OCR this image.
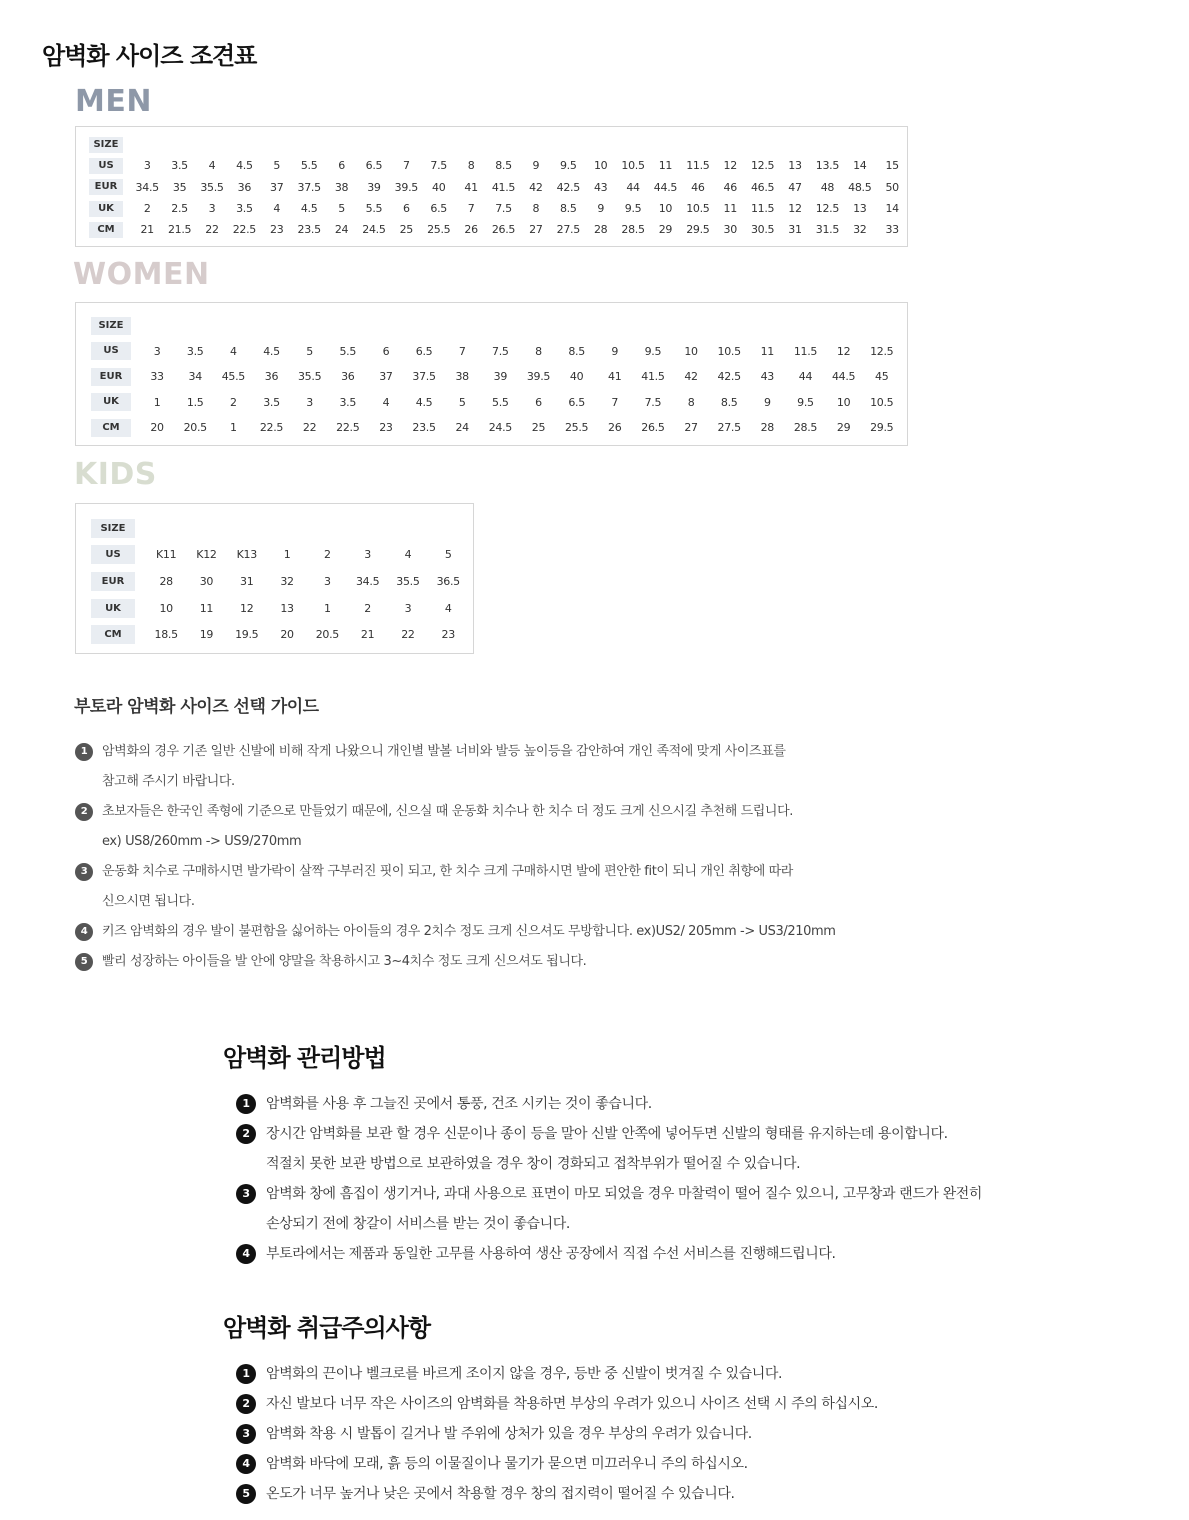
암벽화 사이즈 조견표
MEN
SIZE
US	3	3.5	4	4.5	5	5.5	6	6.5	7	7.5	8	8.5	9	9.5	10	10.5	11	11.5	12	12.5	13	13.5	14	15
EUR	34.5	35	35.5	36	37	37.5	38	39	39.5	40	41	41.5	42	42.5	43	44	44.5	46	46	46.5	47	48	48.5	50
UK	2	2.5	3	3.5	4	4.5	5	5.5	6	6.5	7	7.5	8	8.5	9	9.5	10	10.5	11	11.5	12	12.5	13	14
CM	21	21.5	22	22.5	23	23.5	24	24.5	25	25.5	26	26.5	27	27.5	28	28.5	29	29.5	30	30.5	31	31.5	32	33
WOMEN
SIZE
US	3	3.5	4	4.5	5	5.5	6	6.5	7	7.5	8	8.5	9	9.5	10	10.5	11	11.5	12	12.5
EUR	33	34	45.5	36	35.5	36	37	37.5	38	39	39.5	40	41	41.5	42	42.5	43	44	44.5	45
UK	1	1.5	2	3.5	3	3.5	4	4.5	5	5.5	6	6.5	7	7.5	8	8.5	9	9.5	10	10.5
CM	20	20.5	1	22.5	22	22.5	23	23.5	24	24.5	25	25.5	26	26.5	27	27.5	28	28.5	29	29.5
KIDS
SIZE
US	K11	K12	K13	1	2	3	4	5
EUR	28	30	31	32	3	34.5	35.5	36.5
UK	10	11	12	13	1	2	3	4
CM	18.5	19	19.5	20	20.5	21	22	23
부토라 암벽화 사이즈 선택 가이드
1	암벽화의 경우 기존 일반 신발에 비해 작게 나왔으니 개인별 발볼 너비와 발등 높이등을 감안하여 개인 족적에 맞게 사이즈표를
참고해 주시기 바랍니다.
2	초보자들은 한국인 족형에 기준으로 만들었기 때문에, 신으실 때 운동화 치수나 한 치수 더 정도 크게 신으시길 추천해 드립니다.
ex) US8/260mm -> US9/270mm
3	운동화 치수로 구매하시면 발가락이 살짝 구부러진 핏이 되고, 한 치수 크게 구매하시면 발에 편안한 fit이 되니 개인 취향에 따라
신으시면 됩니다.
4	키즈 암벽화의 경우 발이 불편함을 싫어하는 아이들의 경우 2치수 정도 크게 신으셔도 무방합니다. ex)US2/ 205mm -> US3/210mm
5	빨리 성장하는 아이들을 발 안에 양말을 착용하시고 3~4치수 정도 크게 신으셔도 됩니다.
암벽화 관리방법
1	암벽화를 사용 후 그늘진 곳에서 통풍, 건조 시키는 것이 좋습니다.
2	장시간 암벽화를 보관 할 경우 신문이나 종이 등을 말아 신발 안쪽에 넣어두면 신발의 형태를 유지하는데 용이합니다.
적절치 못한 보관 방법으로 보관하였을 경우 창이 경화되고 접착부위가 떨어질 수 있습니다.
3	암벽화 창에 흠집이 생기거나, 과대 사용으로 표면이 마모 되었을 경우 마찰력이 떨어 질수 있으니, 고무창과 랜드가 완전히
손상되기 전에 창갈이 서비스를 받는 것이 좋습니다.
4	부토라에서는 제품과 동일한 고무를 사용하여 생산 공장에서 직접 수선 서비스를 진행해드립니다.
암벽화 취급주의사항
1	암벽화의 끈이나 벨크로를 바르게 조이지 않을 경우, 등반 중 신발이 벗겨질 수 있습니다.
2	자신 발보다 너무 작은 사이즈의 암벽화를 착용하면 부상의 우려가 있으니 사이즈 선택 시 주의 하십시오.
3	암벽화 착용 시 발톱이 길거나 발 주위에 상처가 있을 경우 부상의 우려가 있습니다.
4	암벽화 바닥에 모래, 흙 등의 이물질이나 물기가 묻으면 미끄러우니 주의 하십시오.
5	온도가 너무 높거나 낮은 곳에서 착용할 경우 창의 접지력이 떨어질 수 있습니다.
